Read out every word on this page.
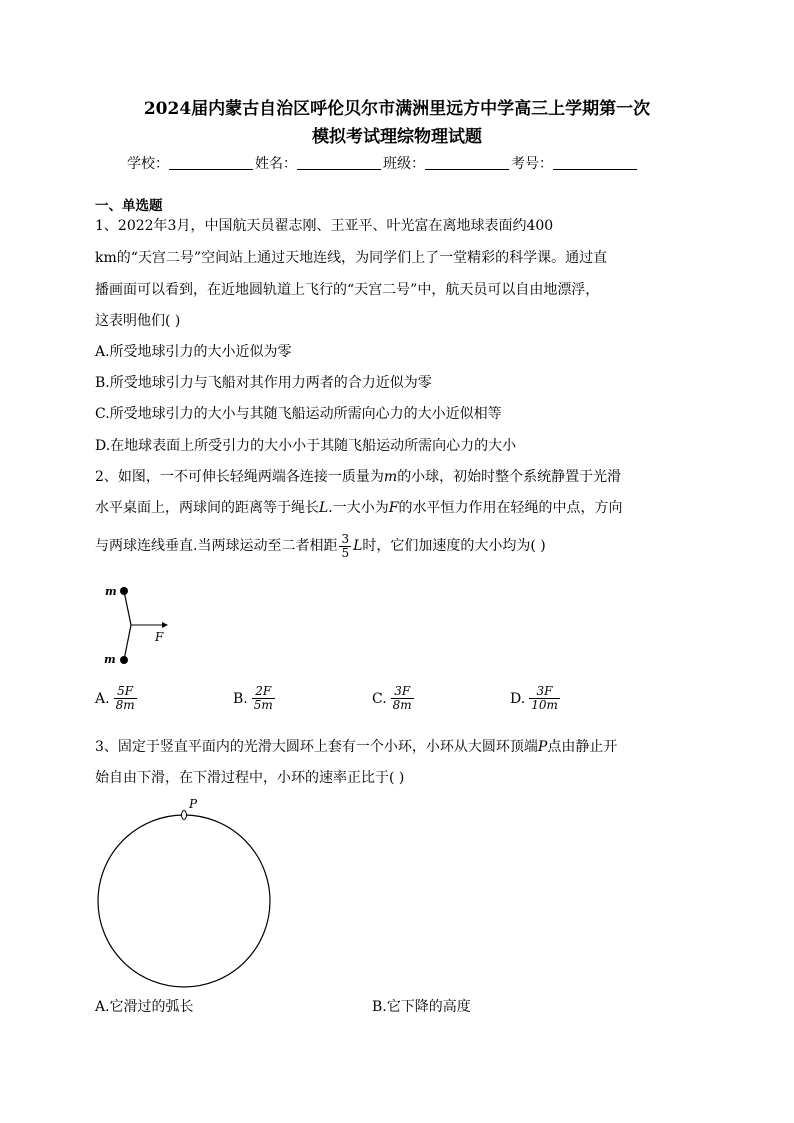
2024届内蒙古自治区呼伦贝尔市满洲里远方中学高三上学期第一次
模拟考试理综物理试题
学校：	姓名：	班级：	考号：
一、单选题
1、2022年3月，中国航天员翟志刚、王亚平、叶光富在离地球表面约400
km的“天宫二号”空间站上通过天地连线，为同学们上了一堂精彩的科学课。通过直
播画面可以看到，在近地圆轨道上飞行的“天宫二号”中，航天员可以自由地漂浮，
这表明他们( )
A.所受地球引力的大小近似为零
B.所受地球引力与飞船对其作用力两者的合力近似为零
C.所受地球引力的大小与其随飞船运动所需向心力的大小近似相等
D.在地球表面上所受引力的大小小于其随飞船运动所需向心力的大小
2、如图，一不可伸长轻绳两端各连接一质量为m的小球，初始时整个系统静置于光滑
水平桌面上，两球间的距离等于绳长L.一大小为F的水平恒力作用在轻绳的中点，方向
与两球连线垂直.当两球运动至二者相距 $\frac{3}{5}$ L时，它们加速度的大小均为( )
m
m
F
A. $\frac{5F}{8m}$	B. $\frac{2F}{5m}$	C. $\frac{3F}{8m}$	D. $\frac{3F}{10m}$
3、固定于竖直平面内的光滑大圆环上套有一个小环，小环从大圆环顶端P点由静止开
始自由下滑，在下滑过程中，小环的速率正比于( )
P
A.它滑过的弧长	B.它下降的高度
